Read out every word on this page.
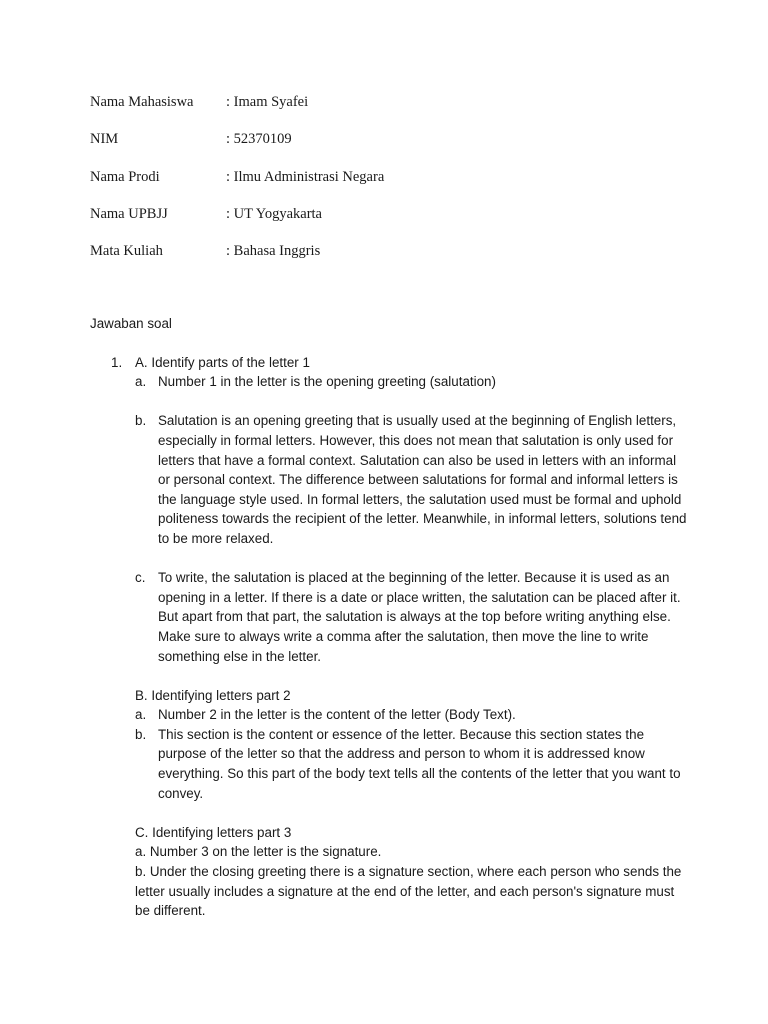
Nama Mahasiswa : Imam Syafei
NIM	: 52370109
Nama Prodi	: Ilmu Administrasi Negara
Nama UPBJJ	: UT Yogyakarta
Mata Kuliah	: Bahasa Inggris

Jawaban soal

1. A. Identify parts of the letter 1
a. Number 1 in the letter is the opening greeting (salutation)
b. Salutation is an opening greeting that is usually used at the beginning of English letters, especially in formal letters. However, this does not mean that salutation is only used for letters that have a formal context. Salutation can also be used in letters with an informal or personal context. The difference between salutations for formal and informal letters is the language style used. In formal letters, the salutation used must be formal and uphold politeness towards the recipient of the letter. Meanwhile, in informal letters, solutions tend to be more relaxed.
c. To write, the salutation is placed at the beginning of the letter. Because it is used as an opening in a letter. If there is a date or place written, the salutation can be placed after it. But apart from that part, the salutation is always at the top before writing anything else. Make sure to always write a comma after the salutation, then move the line to write something else in the letter.
B. Identifying letters part 2
a. Number 2 in the letter is the content of the letter (Body Text).
b. This section is the content or essence of the letter. Because this section states the purpose of the letter so that the address and person to whom it is addressed know everything. So this part of the body text tells all the contents of the letter that you want to convey.
C. Identifying letters part 3
a. Number 3 on the letter is the signature.
b. Under the closing greeting there is a signature section, where each person who sends the letter usually includes a signature at the end of the letter, and each person's signature must be different.
